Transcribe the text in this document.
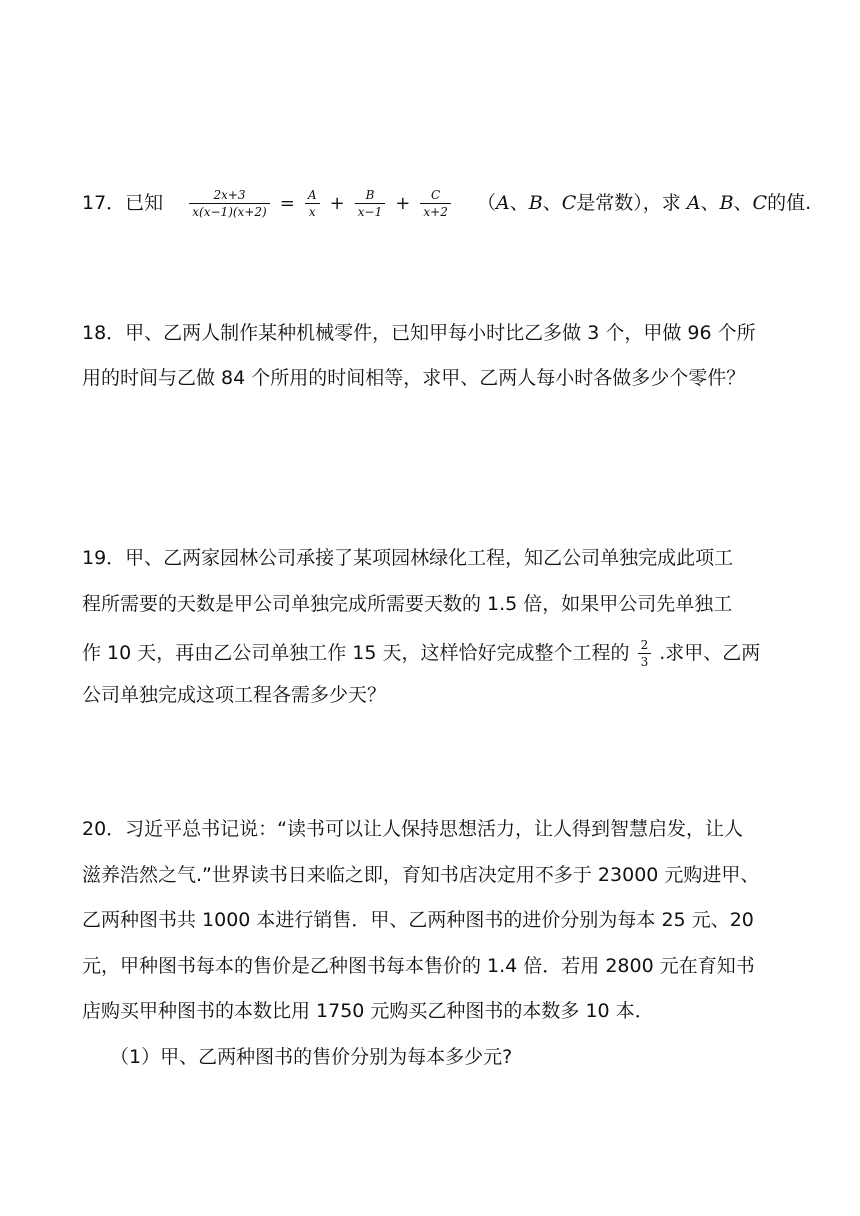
17．已知 $\frac{2x+3}{x(x-1)(x+2)} = \frac{A}{x} + \frac{B}{x-1} + \frac{C}{x+2} (A$、B、C是常数），求 A、B、C的值.
18．甲、乙两人制作某种机械零件，已知甲每小时比乙多做 3 个，甲做 96 个所
用的时间与乙做 84 个所用的时间相等，求甲、乙两人每小时各做多少个零件？
19．甲、乙两家园林公司承接了某项园林绿化工程，知乙公司单独完成此项工
程所需要的天数是甲公司单独完成所需要天数的 1.5 倍，如果甲公司先单独工
作 10 天，再由乙公司单独工作 15 天，这样恰好完成整个工程的 $\frac{2}{3}$ .求甲、乙两
公司单独完成这项工程各需多少天？
20．习近平总书记说：“读书可以让人保持思想活力，让人得到智慧启发，让人
滋养浩然之气.”世界读书日来临之即，育知书店决定用不多于 23000 元购进甲、
乙两种图书共 1000 本进行销售．甲、乙两种图书的进价分别为每本 25 元、20
元，甲种图书每本的售价是乙种图书每本售价的 1.4 倍．若用 2800 元在育知书
店购买甲种图书的本数比用 1750 元购买乙种图书的本数多 10 本．
（1）甲、乙两种图书的售价分别为每本多少元?
